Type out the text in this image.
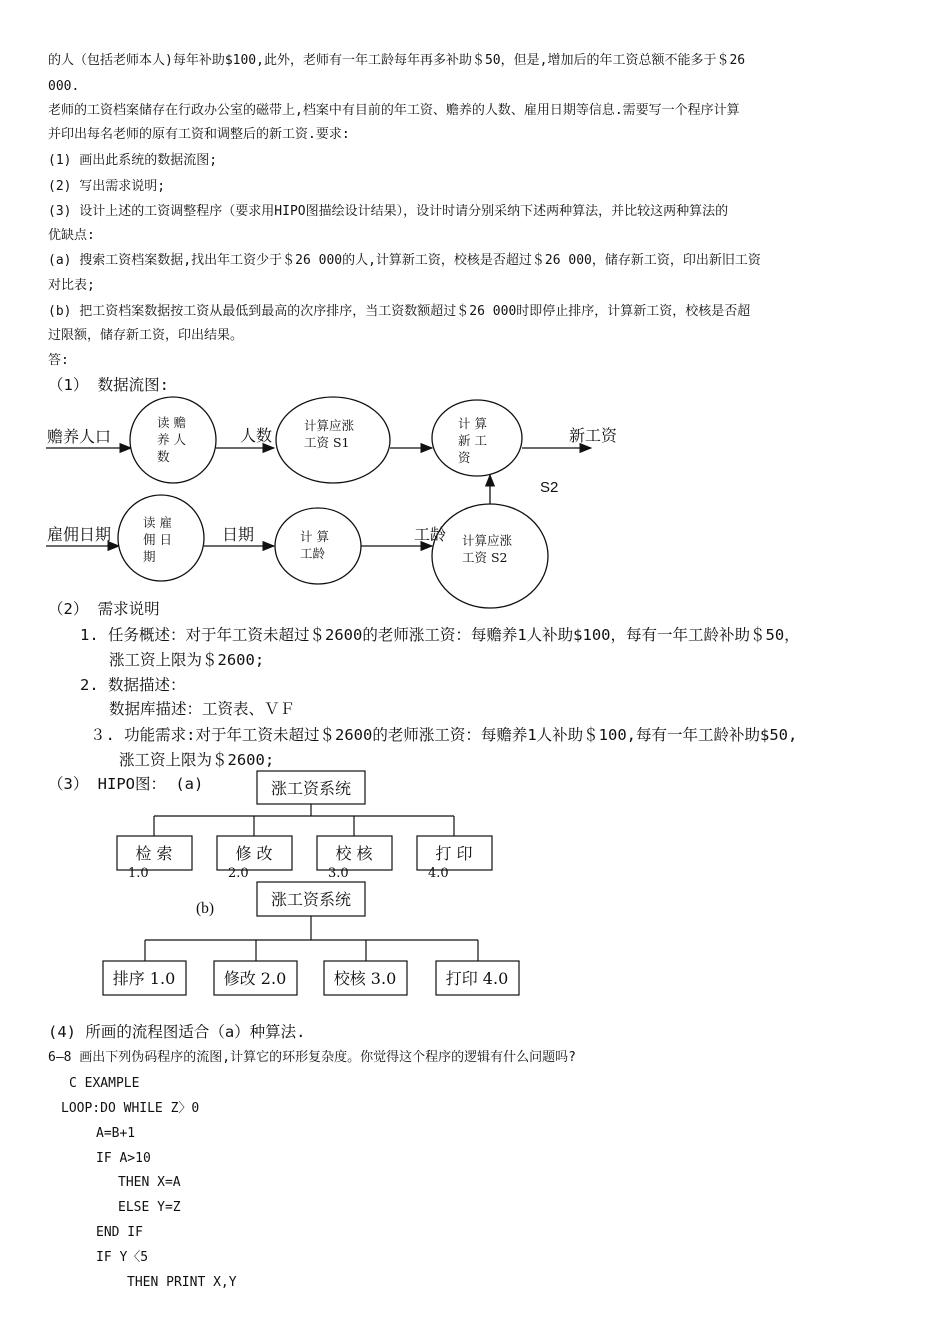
的人（包括老师本人)每年补助$100,此外，老师有一年工龄每年再多补助＄50，但是,增加后的年工资总额不能多于＄26
000.
老师的工资档案储存在行政办公室的磁带上,档案中有目前的年工资、赡养的人数、雇用日期等信息.需要写一个程序计算
并印出每名老师的原有工资和调整后的新工资.要求:
(1) 画出此系统的数据流图;
(2) 写出需求说明;
(3) 设计上述的工资调整程序（要求用HIPO图描绘设计结果），设计时请分别采纳下述两种算法，并比较这两种算法的
优缺点:
(a) 搜索工资档案数据,找出年工资少于＄26 000的人,计算新工资，校核是否超过＄26 000，储存新工资，印出新旧工资
对比表;
(b) 把工资档案数据按工资从最低到最高的次序排序，当工资数额超过＄26 000时即停止排序，计算新工资，校核是否超
过限额，储存新工资，印出结果。
答:
（1） 数据流图:
赡养人口
读 赡
养 人
数
人数
计算应涨
工资 S1
计 算
新 工
资
新工资
S2
雇佣日期
读 雇
佣 日
期
日期	计 算
工龄
工龄 计算应涨
工资 S2
（2） 需求说明
1. 任务概述：对于年工资未超过＄2600的老师涨工资：每赡养1人补助$100，每有一年工龄补助＄50，
涨工资上限为＄2600;
2. 数据描述：
数据库描述：工资表、ＶＦ
３. 功能需求:对于年工资未超过＄2600的老师涨工资：每赡养1人补助＄100,每有一年工龄补助$50,
涨工资上限为＄2600;
（3） HIPO图： (a)	涨工资系统
检 索	修 改	校 核	打 印
1.0	2.0	3.0	4.0
(b)	涨工资系统
排序 1.0	修改 2.0	校核 3.0	打印 4.0
(4) 所画的流程图适合（a）种算法.
6—8 画出下列伪码程序的流图,计算它的环形复杂度。你觉得这个程序的逻辑有什么问题吗?
C EXAMPLE
LOOP:DO WHILE Z〉0
A=B+1
IF A>10
THEN X=A
ELSE Y=Z
END IF
IF Y〈5
THEN PRINT X,Y
